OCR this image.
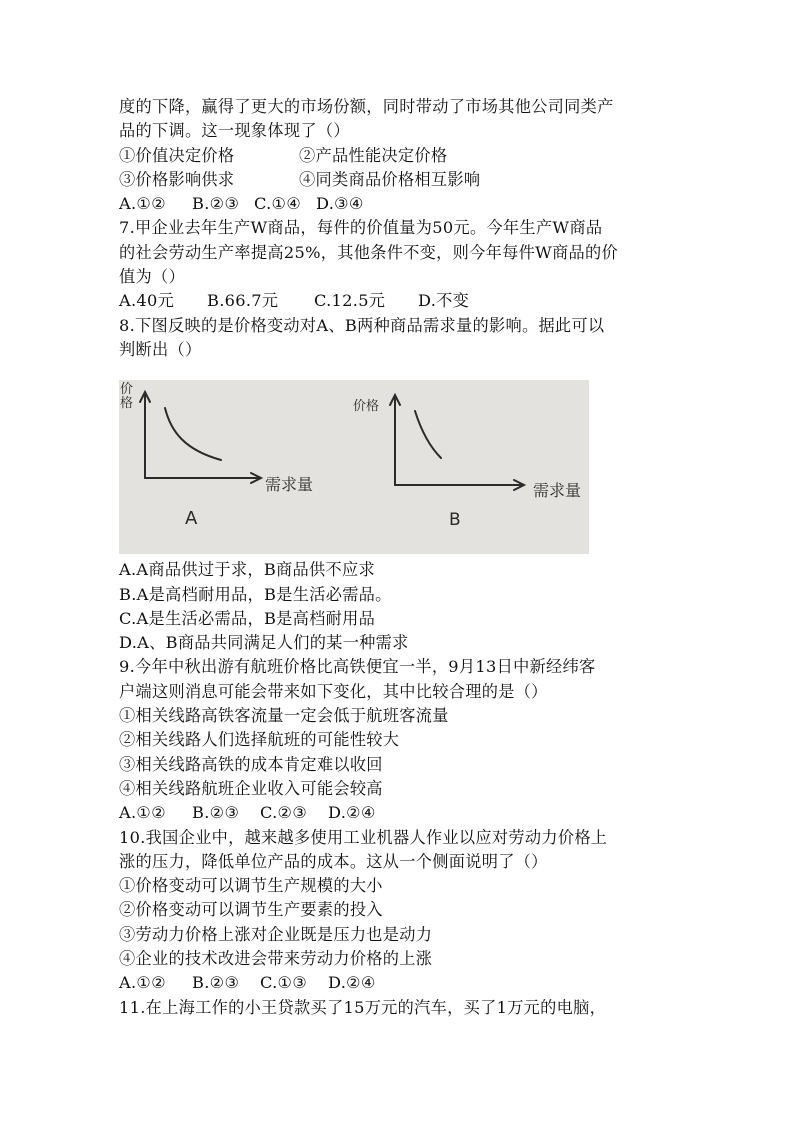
度的下降，赢得了更大的市场份额，同时带动了市场其他公司同类产
品的下调。这一现象体现了（）
①价值决定价格	②产品性能决定价格
③价格影响供求	④同类商品价格相互影响
A.①② B.②③ C.①④ D.③④
7.甲企业去年生产W商品，每件的价值量为50元。今年生产W商品
的社会劳动生产率提高25%，其他条件不变，则今年每件W商品的价
值为（）
A.40元 B.66.7元 C.12.5元 D.不变
8.下图反映的是价格变动对A、B两种商品需求量的影响。据此可以
判断出（）
价格
需求量
A
价格
需求量
B
A.A商品供过于求，B商品供不应求
B.A是高档耐用品，B是生活必需品。
C.A是生活必需品，B是高档耐用品
D.A、B商品共同满足人们的某一种需求
9.今年中秋出游有航班价格比高铁便宜一半，9月13日中新经纬客
户端这则消息可能会带来如下变化，其中比较合理的是（）
①相关线路高铁客流量一定会低于航班客流量
②相关线路人们选择航班的可能性较大
③相关线路高铁的成本肯定难以收回
④相关线路航班企业收入可能会较高
A.①② B.②③ C.②③ D.②④
10.我国企业中，越来越多使用工业机器人作业以应对劳动力价格上
涨的压力，降低单位产品的成本。这从一个侧面说明了（）
①价格变动可以调节生产规模的大小
②价格变动可以调节生产要素的投入
③劳动力价格上涨对企业既是压力也是动力
④企业的技术改进会带来劳动力价格的上涨
A.①② B.②③ C.①③ D.②④
11.在上海工作的小王贷款买了15万元的汽车，买了1万元的电脑，
